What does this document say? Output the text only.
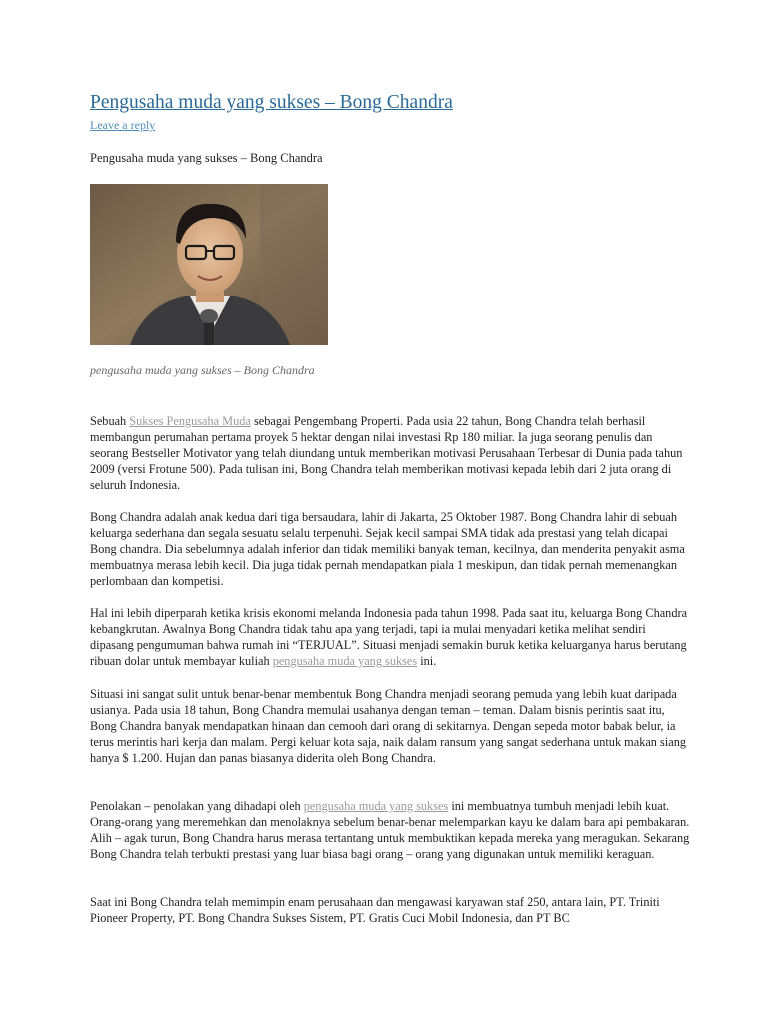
Pengusaha muda yang sukses – Bong Chandra
Leave a reply
Pengusaha muda yang sukses – Bong Chandra
pengusaha muda yang sukses – Bong Chandra

Sebuah Sukses Pengusaha Muda sebagai Pengembang Properti. Pada usia 22 tahun, Bong Chandra telah berhasil membangun perumahan pertama proyek 5 hektar dengan nilai investasi Rp 180 miliar. Ia juga seorang penulis dan seorang Bestseller Motivator yang telah diundang untuk memberikan motivasi Perusahaan Terbesar di Dunia pada tahun 2009 (versi Frotune 500). Pada tulisan ini, Bong Chandra telah memberikan motivasi kepada lebih dari 2 juta orang di seluruh Indonesia.

Bong Chandra adalah anak kedua dari tiga bersaudara, lahir di Jakarta, 25 Oktober 1987. Bong Chandra lahir di sebuah keluarga sederhana dan segala sesuatu selalu terpenuhi. Sejak kecil sampai SMA tidak ada prestasi yang telah dicapai Bong chandra. Dia sebelumnya adalah inferior dan tidak memiliki banyak teman, kecilnya, dan menderita penyakit asma membuatnya merasa lebih kecil. Dia juga tidak pernah mendapatkan piala 1 meskipun, dan tidak pernah memenangkan perlombaan dan kompetisi.

Hal ini lebih diperparah ketika krisis ekonomi melanda Indonesia pada tahun 1998. Pada saat itu, keluarga Bong Chandra kebangkrutan. Awalnya Bong Chandra tidak tahu apa yang terjadi, tapi ia mulai menyadari ketika melihat sendiri dipasang pengumuman bahwa rumah ini “TERJUAL”. Situasi menjadi semakin buruk ketika keluarganya harus berutang ribuan dolar untuk membayar kuliah pengusaha muda yang sukses ini.

Situasi ini sangat sulit untuk benar-benar membentuk Bong Chandra menjadi seorang pemuda yang lebih kuat daripada usianya. Pada usia 18 tahun, Bong Chandra memulai usahanya dengan teman – teman. Dalam bisnis perintis saat itu, Bong Chandra banyak mendapatkan hinaan dan cemooh dari orang di sekitarnya. Dengan sepeda motor babak belur, ia terus merintis hari kerja dan malam. Pergi keluar kota saja, naik dalam ransum yang sangat sederhana untuk makan siang hanya $ 1.200. Hujan dan panas biasanya diderita oleh Bong Chandra.

Penolakan – penolakan yang dihadapi oleh pengusaha muda yang sukses ini membuatnya tumbuh menjadi lebih kuat. Orang-orang yang meremehkan dan menolaknya sebelum benar-benar melemparkan kayu ke dalam bara api pembakaran. Alih – agak turun, Bong Chandra harus merasa tertantang untuk membuktikan kepada mereka yang meragukan. Sekarang Bong Chandra telah terbukti prestasi yang luar biasa bagi orang – orang yang digunakan untuk memiliki keraguan.

Saat ini Bong Chandra telah memimpin enam perusahaan dan mengawasi karyawan staf 250, antara lain, PT. Triniti Pioneer Property, PT. Bong Chandra Sukses Sistem, PT. Gratis Cuci Mobil Indonesia, dan PT BC
